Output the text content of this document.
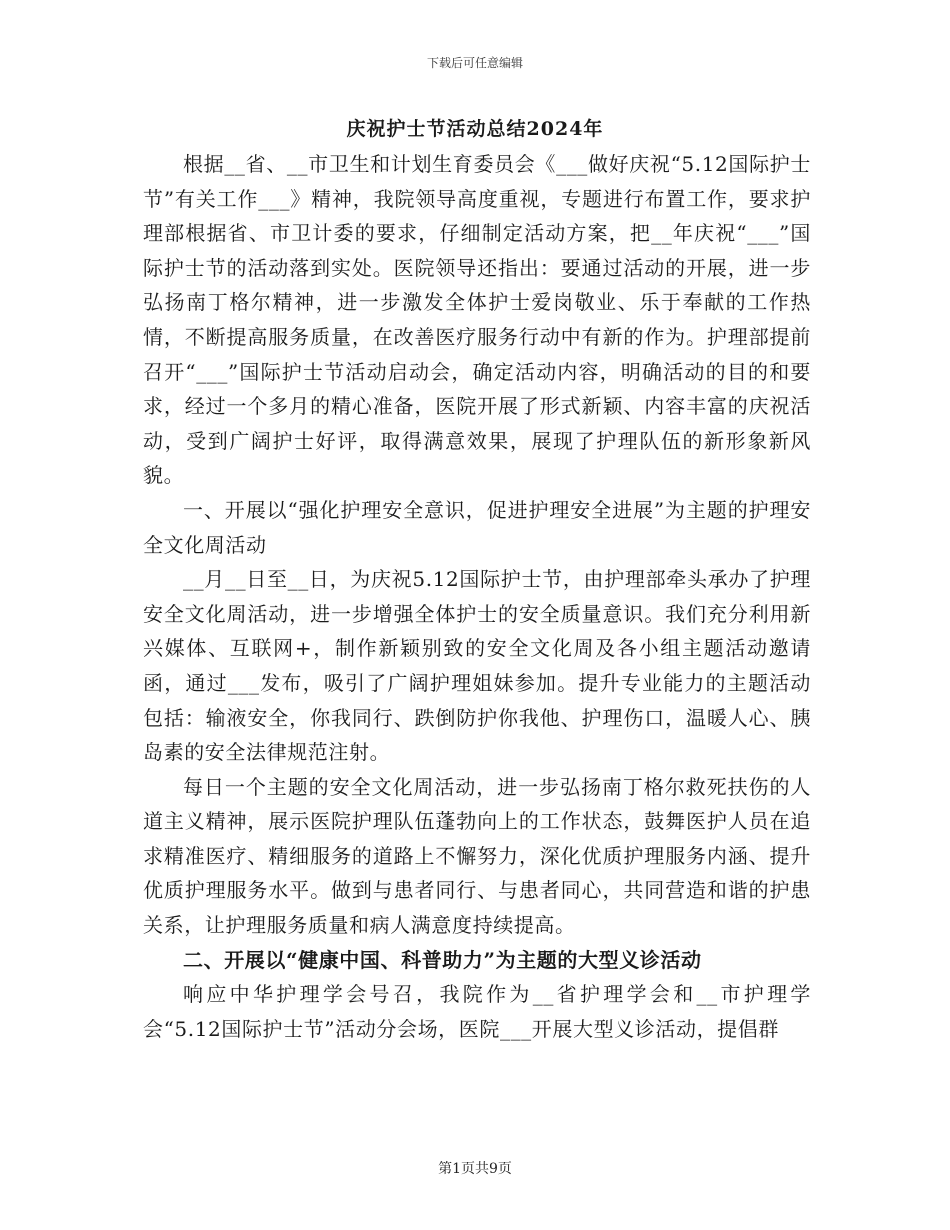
下载后可任意编辑
庆祝护士节活动总结2024年

根据__省、__市卫生和计划生育委员会《___做好庆祝“5.12国际护士节”有关工作___》精神，我院领导高度重视，专题进行布置工作，要求护理部根据省、市卫计委的要求，仔细制定活动方案，把__年庆祝“___”国际护士节的活动落到实处。医院领导还指出：要通过活动的开展，进一步弘扬南丁格尔精神，进一步激发全体护士爱岗敬业、乐于奉献的工作热情，不断提高服务质量，在改善医疗服务行动中有新的作为。护理部提前召开“___”国际护士节活动启动会，确定活动内容，明确活动的目的和要求，经过一个多月的精心准备，医院开展了形式新颖、内容丰富的庆祝活动，受到广阔护士好评，取得满意效果，展现了护理队伍的新形象新风貌。

一、开展以“强化护理安全意识，促进护理安全进展”为主题的护理安全文化周活动

__月__日至__日，为庆祝5.12国际护士节，由护理部牵头承办了护理安全文化周活动，进一步增强全体护士的安全质量意识。我们充分利用新兴媒体、互联网+，制作新颖别致的安全文化周及各小组主题活动邀请函，通过___发布，吸引了广阔护理姐妹参加。提升专业能力的主题活动包括：输液安全，你我同行、跌倒防护你我他、护理伤口，温暖人心、胰岛素的安全法律规范注射。

每日一个主题的安全文化周活动，进一步弘扬南丁格尔救死扶伤的人道主义精神，展示医院护理队伍蓬勃向上的工作状态，鼓舞医护人员在追求精准医疗、精细服务的道路上不懈努力，深化优质护理服务内涵、提升优质护理服务水平。做到与患者同行、与患者同心，共同营造和谐的护患关系，让护理服务质量和病人满意度持续提高。

二、开展以“健康中国、科普助力”为主题的大型义诊活动

响应中华护理学会号召，我院作为__省护理学会和__市护理学会“5.12国际护士节”活动分会场，医院___开展大型义诊活动，提倡群

第1页共9页
